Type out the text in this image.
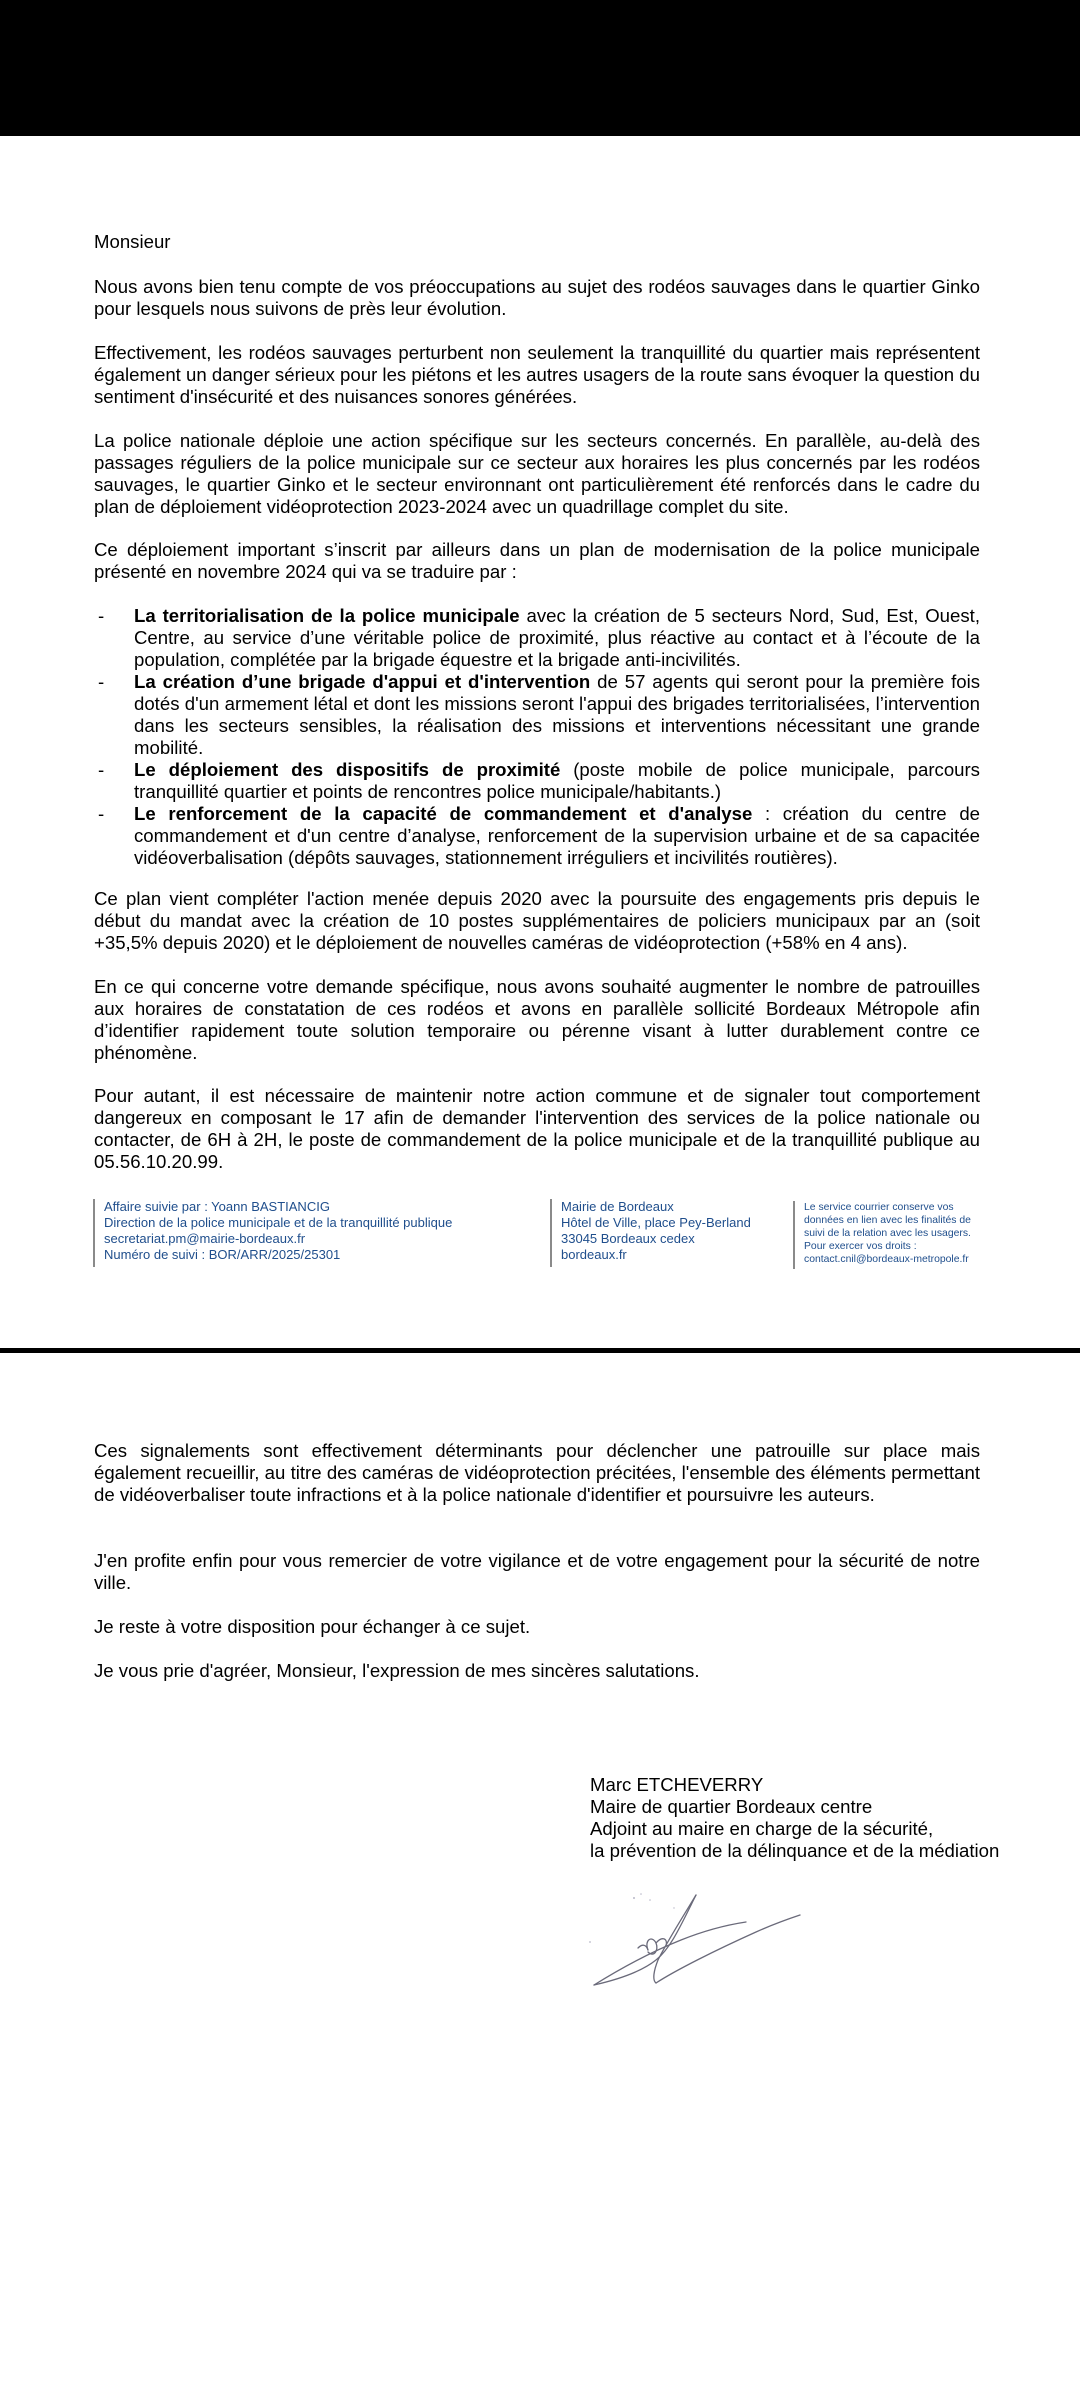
Monsieur

Nous avons bien tenu compte de vos préoccupations au sujet des rodéos sauvages dans le quartier Ginko pour lesquels nous suivons de près leur évolution.

Effectivement, les rodéos sauvages perturbent non seulement la tranquillité du quartier mais représentent également un danger sérieux pour les piétons et les autres usagers de la route sans évoquer la question du sentiment d'insécurité et des nuisances sonores générées.

La police nationale déploie une action spécifique sur les secteurs concernés. En parallèle, au-delà des passages réguliers de la police municipale sur ce secteur aux horaires les plus concernés par les rodéos sauvages, le quartier Ginko et le secteur environnant ont particulièrement été renforcés dans le cadre du plan de déploiement vidéoprotection 2023-2024 avec un quadrillage complet du site.

Ce déploiement important s’inscrit par ailleurs dans un plan de modernisation de la police municipale présenté en novembre 2024 qui va se traduire par :

- La territorialisation de la police municipale avec la création de 5 secteurs Nord, Sud, Est, Ouest, Centre, au service d’une véritable police de proximité, plus réactive au contact et à l’écoute de la population, complétée par la brigade équestre et la brigade anti-incivilités.
- La création d’une brigade d'appui et d'intervention de 57 agents qui seront pour la première fois dotés d'un armement létal et dont les missions seront l'appui des brigades territorialisées, l’intervention dans les secteurs sensibles, la réalisation des missions et interventions nécessitant une grande mobilité.
- Le déploiement des dispositifs de proximité (poste mobile de police municipale, parcours tranquillité quartier et points de rencontres police municipale/habitants.)
- Le renforcement de la capacité de commandement et d'analyse : création du centre de commandement et d'un centre d’analyse, renforcement de la supervision urbaine et de sa capacitée vidéoverbalisation (dépôts sauvages, stationnement irréguliers et incivilités routières).

Ce plan vient compléter l'action menée depuis 2020 avec la poursuite des engagements pris depuis le début du mandat avec la création de 10 postes supplémentaires de policiers municipaux par an (soit +35,5% depuis 2020) et le déploiement de nouvelles caméras de vidéoprotection (+58% en 4 ans).

En ce qui concerne votre demande spécifique, nous avons souhaité augmenter le nombre de patrouilles aux horaires de constatation de ces rodéos et avons en parallèle sollicité Bordeaux Métropole afin d’identifier rapidement toute solution temporaire ou pérenne visant à lutter durablement contre ce phénomène.

Pour autant, il est nécessaire de maintenir notre action commune et de signaler tout comportement dangereux en composant le 17 afin de demander l'intervention des services de la police nationale ou contacter, de 6H à 2H, le poste de commandement de la police municipale et de la tranquillité publique au 05.56.10.20.99.

Affaire suivie par : Yoann BASTIANCIG
Direction de la police municipale et de la tranquillité publique
secretariat.pm@mairie-bordeaux.fr
Numéro de suivi : BOR/ARR/2025/25301
Mairie de Bordeaux
Hôtel de Ville, place Pey-Berland
33045 Bordeaux cedex
bordeaux.fr
Le service courrier conserve vos
données en lien avec les finalités de
suivi de la relation avec les usagers.
Pour exercer vos droits :
contact.cnil@bordeaux-metropole.fr

Ces signalements sont effectivement déterminants pour déclencher une patrouille sur place mais également recueillir, au titre des caméras de vidéoprotection précitées, l'ensemble des éléments permettant de vidéoverbaliser toute infractions et à la police nationale d'identifier et poursuivre les auteurs.

J'en profite enfin pour vous remercier de votre vigilance et de votre engagement pour la sécurité de notre ville.

Je reste à votre disposition pour échanger à ce sujet.

Je vous prie d'agréer, Monsieur, l'expression de mes sincères salutations.

Marc ETCHEVERRY
Maire de quartier Bordeaux centre
Adjoint au maire en charge de la sécurité,
la prévention de la délinquance et de la médiation
